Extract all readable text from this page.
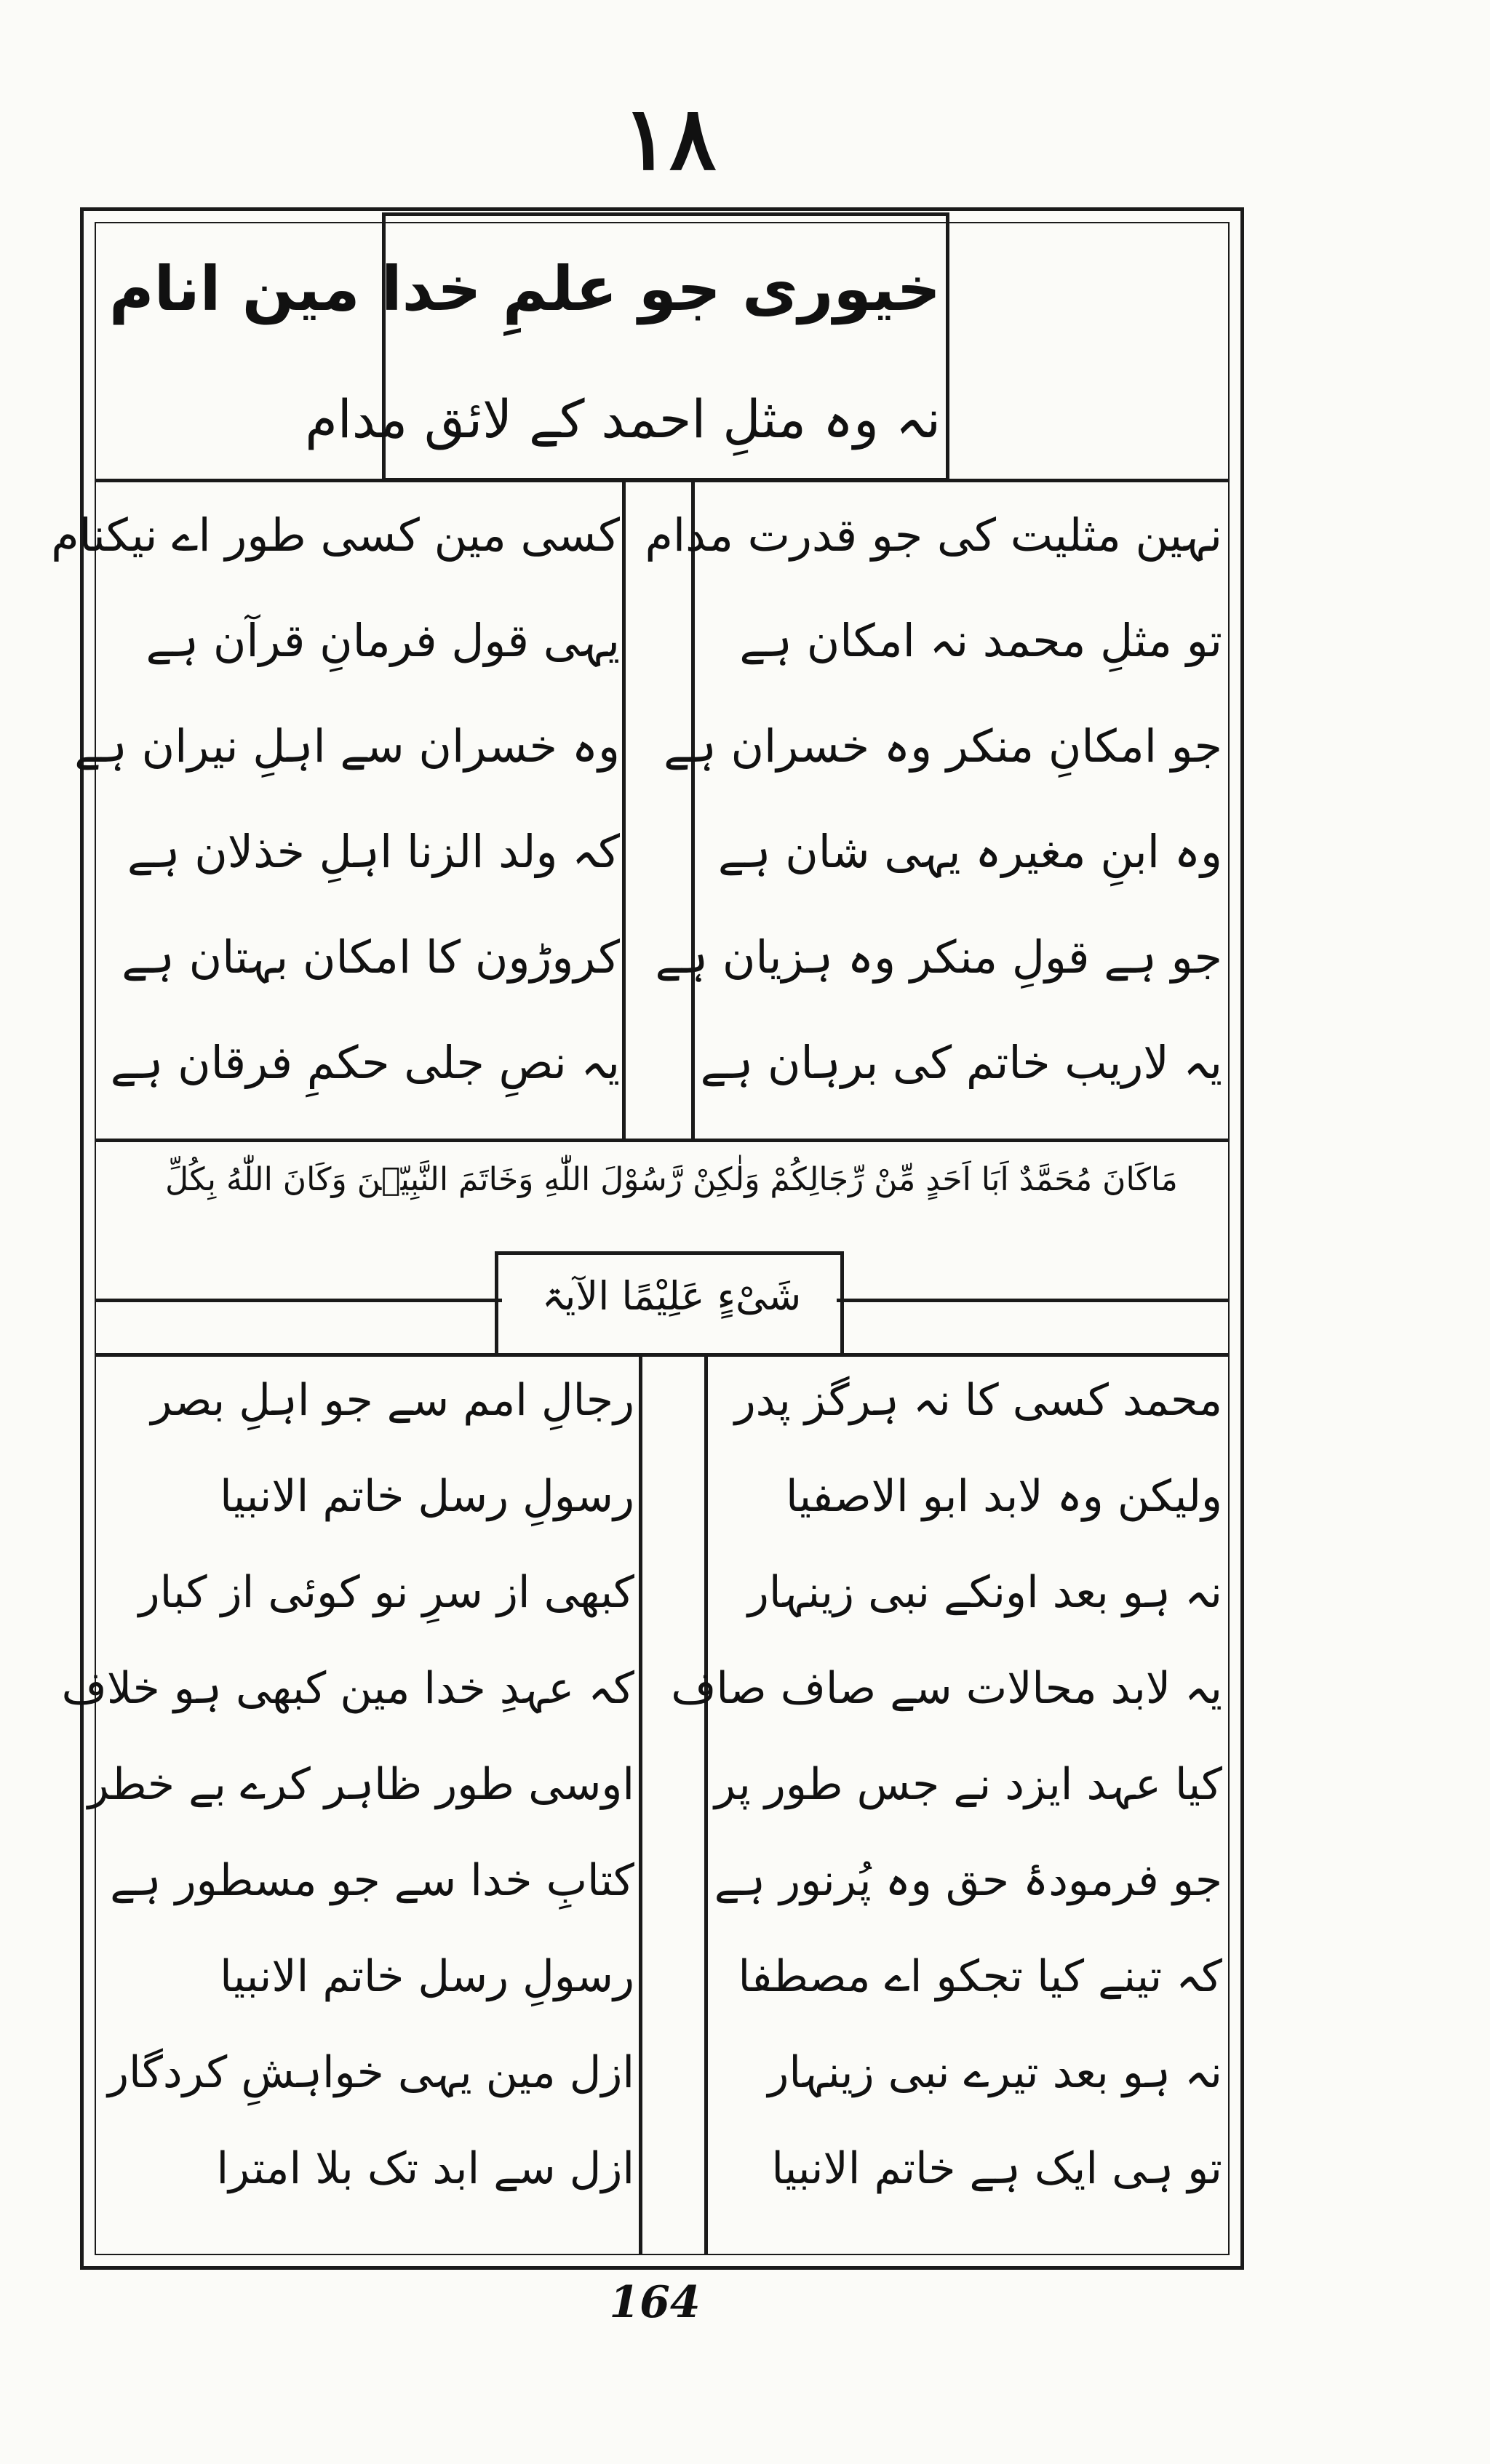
۱۸
خیوری جو علمِ خدا مین انام
نہ وہ مثلِ احمد کے لائق مدام
نہین مثلیت کی جو قدرت مدام
تو مثلِ محمد نہ امکان ہے
جو امکانِ منکر وہ خسران ہے
وہ ابنِ مغیرہ یہی شان ہے
جو ہے قولِ منکر وہ ہزیان ہے
یہ لاریب خاتم کی برہان ہے
کسی مین کسی طور اے نیکنام
یہی قول فرمانِ قرآن ہے
وہ خسران سے اہلِ نیران ہے
کہ ولد الزنا اہلِ خذلان ہے
کروڑون کا امکان بہتان ہے
یہ نصِ جلی حکمِ فرقان ہے
مَاكَانَ مُحَمَّدٌ اَبَا اَحَدٍ مِّنْ رِّجَالِكُمْ وَلٰكِنْ رَّسُوْلَ اللّٰهِ وَخَاتَمَ النَّبِيّٖنَ وَكَانَ اللّٰهُ بِكُلِّ
شَیْءٍ عَلِيْمًا الآیۃ
محمد کسی کا نہ ہرگز پدر
ولیکن وہ لابد ابو الاصفیا
نہ ہو بعد اونکے نبی زینہار
یہ لابد محالات سے صاف صاف
کیا عہد ایزد نے جس طور پر
جو فرمودۂ حق وہ پُرنور ہے
کہ تینے کیا تجکو اے مصطفا
نہ ہو بعد تیرے نبی زینہار
تو ہی ایک ہے خاتم الانبیا
رجالِ امم سے جو اہلِ بصر
رسولِ رسل خاتم الانبیا
کبھی از سرِ نو کوئی از کبار
کہ عہدِ خدا مین کبھی ہو خلاف
اوسی طور ظاہر کرے بے خطر
کتابِ خدا سے جو مسطور ہے
رسولِ رسل خاتم الانبیا
ازل مین یہی خواہشِ کردگار
ازل سے ابد تک بلا امترا
164
